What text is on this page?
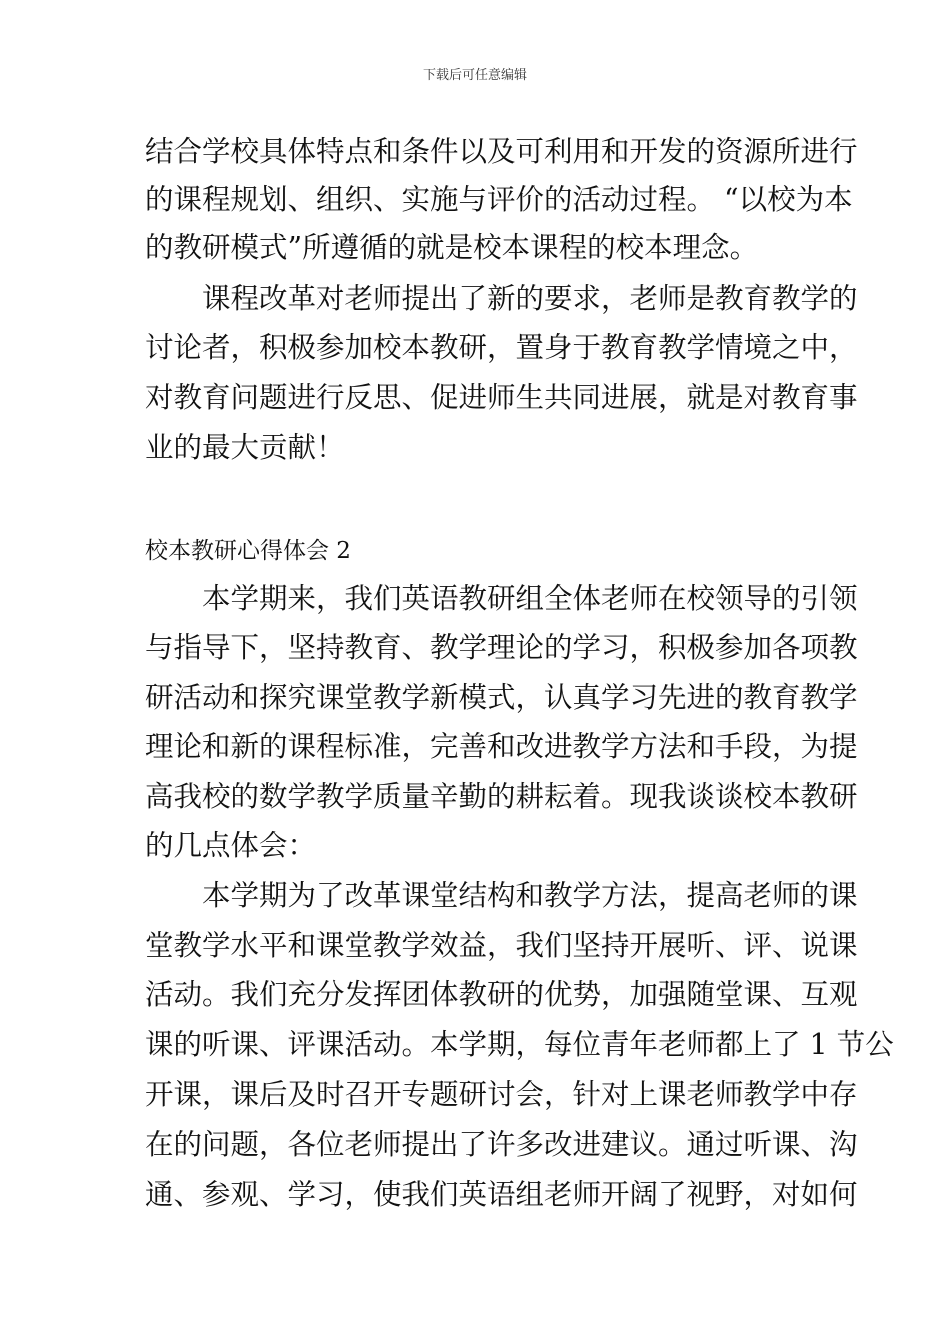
下载后可任意编辑
结合学校具体特点和条件以及可利用和开发的资源所进行
的课程规划、组织、实施与评价的活动过程。 “以校为本
的教研模式”所遵循的就是校本课程的校本理念。
课程改革对老师提出了新的要求，老师是教育教学的
讨论者，积极参加校本教研，置身于教育教学情境之中，
对教育问题进行反思、促进师生共同进展，就是对教育事
业的最大贡献！
校本教研心得体会 2
本学期来，我们英语教研组全体老师在校领导的引领
与指导下，坚持教育、教学理论的学习，积极参加各项教
研活动和探究课堂教学新模式，认真学习先进的教育教学
理论和新的课程标准，完善和改进教学方法和手段，为提
高我校的数学教学质量辛勤的耕耘着。现我谈谈校本教研
的几点体会：
本学期为了改革课堂结构和教学方法，提高老师的课
堂教学水平和课堂教学效益，我们坚持开展听、评、说课
活动。我们充分发挥团体教研的优势，加强随堂课、互观
课的听课、评课活动。本学期，每位青年老师都上了 1 节公
开课，课后及时召开专题研讨会，针对上课老师教学中存
在的问题，各位老师提出了许多改进建议。通过听课、沟
通、参观、学习，使我们英语组老师开阔了视野，对如何
